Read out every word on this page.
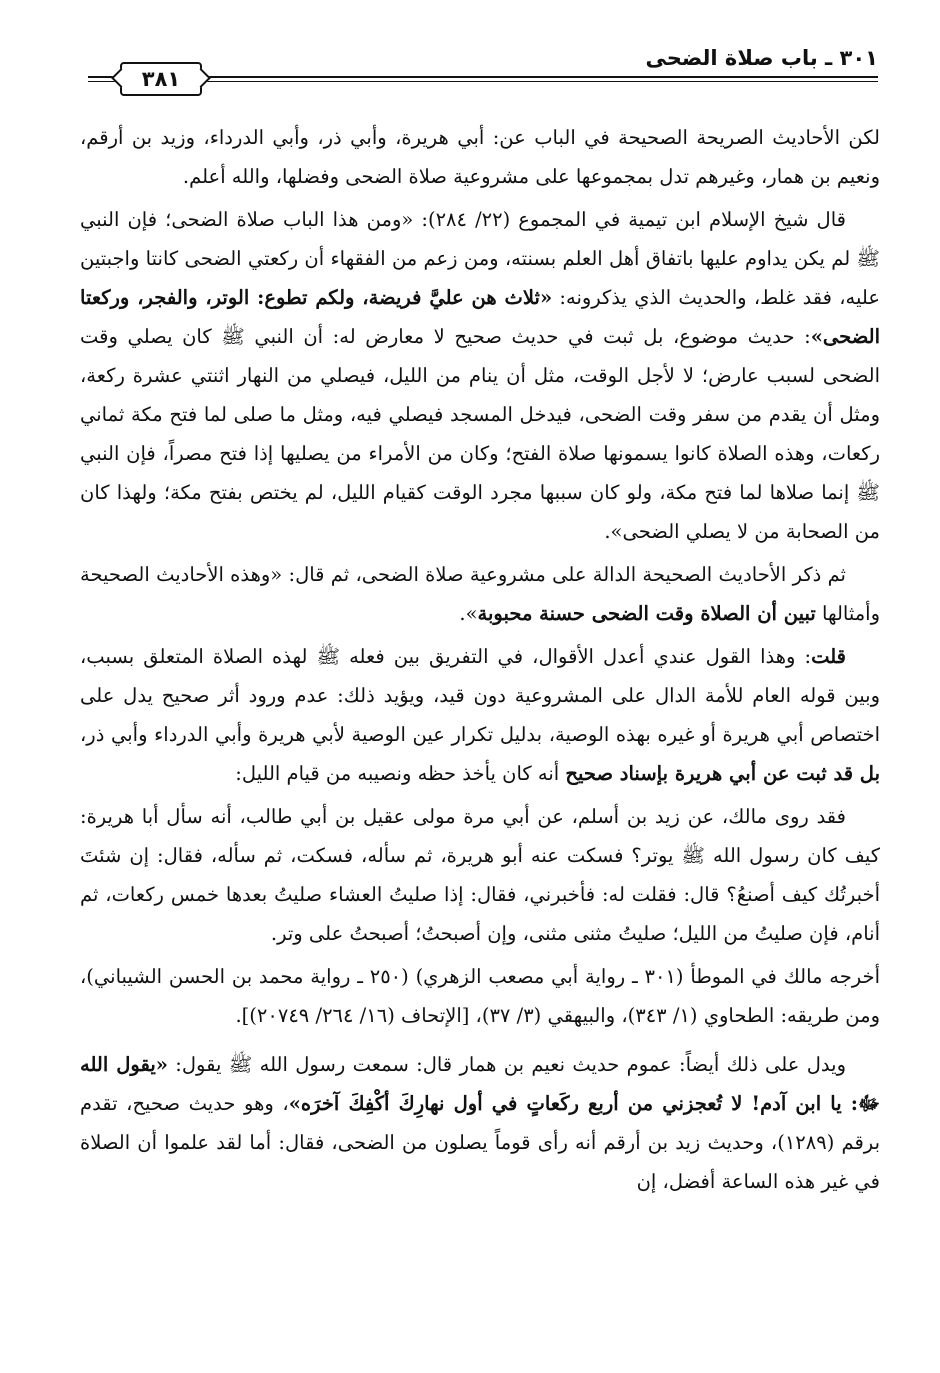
٣٠١ ـ باب صلاة الضحى
٣٨١

لكن الأحاديث الصريحة الصحيحة في الباب عن: أبي هريرة، وأبي ذر، وأبي الدرداء، وزيد بن أرقم، ونعيم بن همار، وغيرهم تدل بمجموعها على مشروعية صلاة الضحى وفضلها، والله أعلم.

قال شيخ الإسلام ابن تيمية في المجموع (٢٢/ ٢٨٤): «ومن هذا الباب صلاة الضحى؛ فإن النبي ﷺ لم يكن يداوم عليها باتفاق أهل العلم بسنته، ومن زعم من الفقهاء أن ركعتي الضحى كانتا واجبتين عليه، فقد غلط، والحديث الذي يذكرونه: «ثلاث هن عليَّ فريضة، ولكم تطوع: الوتر، والفجر، وركعتا الضحى»: حديث موضوع، بل ثبت في حديث صحيح لا معارض له: أن النبي ﷺ كان يصلي وقت الضحى لسبب عارض؛ لا لأجل الوقت، مثل أن ينام من الليل، فيصلي من النهار اثنتي عشرة ركعة، ومثل أن يقدم من سفر وقت الضحى، فيدخل المسجد فيصلي فيه، ومثل ما صلى لما فتح مكة ثماني ركعات، وهذه الصلاة كانوا يسمونها صلاة الفتح؛ وكان من الأمراء من يصليها إذا فتح مصراً، فإن النبي ﷺ إنما صلاها لما فتح مكة، ولو كان سببها مجرد الوقت كقيام الليل، لم يختص بفتح مكة؛ ولهذا كان من الصحابة من لا يصلي الضحى».

ثم ذكر الأحاديث الصحيحة الدالة على مشروعية صلاة الضحى، ثم قال: «وهذه الأحاديث الصحيحة وأمثالها تبين أن الصلاة وقت الضحى حسنة محبوبة».

قلت: وهذا القول عندي أعدل الأقوال، في التفريق بين فعله ﷺ لهذه الصلاة المتعلق بسبب، وبين قوله العام للأمة الدال على المشروعية دون قيد، ويؤيد ذلك: عدم ورود أثر صحيح يدل على اختصاص أبي هريرة أو غيره بهذه الوصية، بدليل تكرار عين الوصية لأبي هريرة وأبي الدرداء وأبي ذر، بل قد ثبت عن أبي هريرة بإسناد صحيح أنه كان يأخذ حظه ونصيبه من قيام الليل:

فقد روى مالك، عن زيد بن أسلم، عن أبي مرة مولى عقيل بن أبي طالب، أنه سأل أبا هريرة: كيف كان رسول الله ﷺ يوتر؟ فسكت عنه أبو هريرة، ثم سأله، فسكت، ثم سأله، فقال: إن شئتَ أخبرتُك كيف أصنعُ؟ قال: فقلت له: فأخبرني، فقال: إذا صليتُ العشاء صليتُ بعدها خمس ركعات، ثم أنام، فإن صليتُ من الليل؛ صليتُ مثنى مثنى، وإن أصبحتُ؛ أصبحتُ على وتر.

أخرجه مالك في الموطأ (٣٠١ ـ رواية أبي مصعب الزهري) (٢٥٠ ـ رواية محمد بن الحسن الشيباني)، ومن طريقه: الطحاوي (١/ ٣٤٣)، والبيهقي (٣/ ٣٧)، [الإتحاف (١٦/ ٢٦٤/ ٢٠٧٤٩)].

ويدل على ذلك أيضاً: عموم حديث نعيم بن همار قال: سمعت رسول الله ﷺ يقول: «يقول الله ﷻ: يا ابن آدم! لا تُعجزني من أربع ركَعاتٍ في أول نهارِكَ أكْفِكَ آخرَه»، وهو حديث صحيح، تقدم برقم (١٢٨٩)، وحديث زيد بن أرقم أنه رأى قوماً يصلون من الضحى، فقال: أما لقد علموا أن الصلاة في غير هذه الساعة أفضل، إن
